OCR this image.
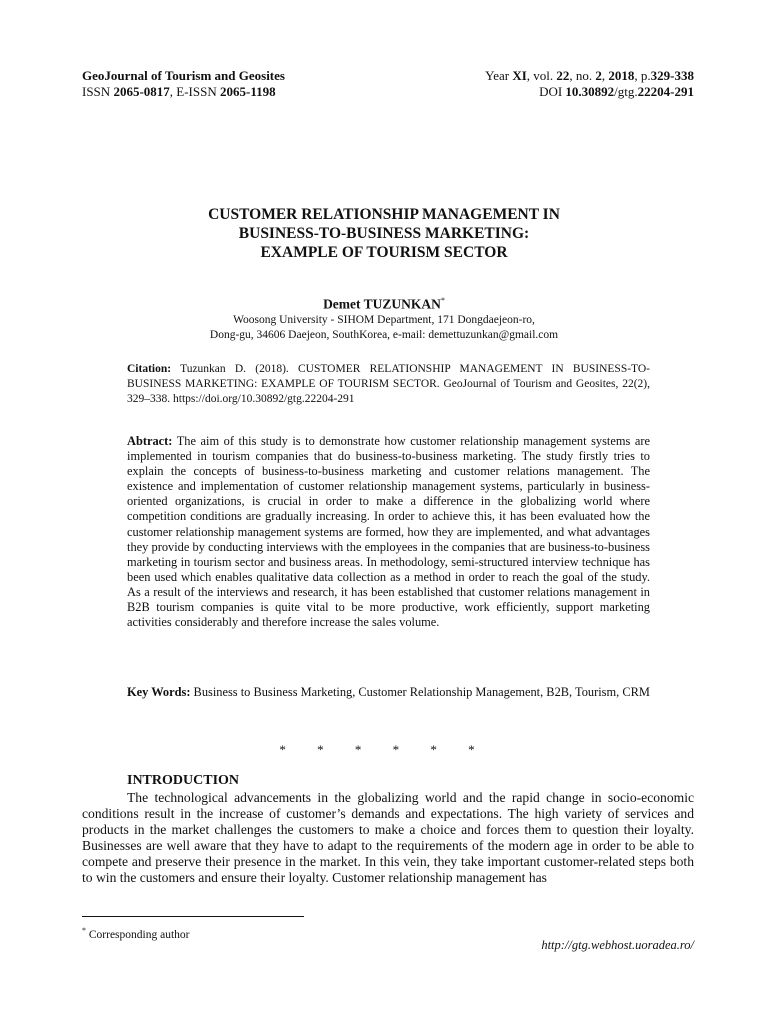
GeoJournal of Tourism and Geosites
ISSN 2065-0817, E-ISSN 2065-1198
Year XI, vol. 22, no. 2, 2018, p.329-338
DOI 10.30892/gtg.22204-291
CUSTOMER RELATIONSHIP MANAGEMENT IN
BUSINESS-TO-BUSINESS MARKETING:
EXAMPLE OF TOURISM SECTOR
Demet TUZUNKAN*
Woosong University - SIHOM Department, 171 Dongdaejeon-ro,
Dong-gu, 34606 Daejeon, SouthKorea, e-mail: demettuzunkan@gmail.com
Citation: Tuzunkan D. (2018). CUSTOMER RELATIONSHIP MANAGEMENT IN BUSINESS-TO-BUSINESS MARKETING: EXAMPLE OF TOURISM SECTOR. GeoJournal of Tourism and Geosites, 22(2), 329–338. https://doi.org/10.30892/gtg.22204-291
Abtract: The aim of this study is to demonstrate how customer relationship management systems are implemented in tourism companies that do business-to-business marketing. The study firstly tries to explain the concepts of business-to-business marketing and customer relations management. The existence and implementation of customer relationship management systems, particularly in business-oriented organizations, is crucial in order to make a difference in the globalizing world where competition conditions are gradually increasing. In order to achieve this, it has been evaluated how the customer relationship management systems are formed, how they are implemented, and what advantages they provide by conducting interviews with the employees in the companies that are business-to-business marketing in tourism sector and business areas. In methodology, semi-structured interview technique has been used which enables qualitative data collection as a method in order to reach the goal of the study. As a result of the interviews and research, it has been established that customer relations management in B2B tourism companies is quite vital to be more productive, work efficiently, support marketing activities considerably and therefore increase the sales volume.
Key Words: Business to Business Marketing, Customer Relationship Management, B2B, Tourism, CRM
* * * * * *
INTRODUCTION
The technological advancements in the globalizing world and the rapid change in socio-economic conditions result in the increase of customer’s demands and expectations. The high variety of services and products in the market challenges the customers to make a choice and forces them to question their loyalty. Businesses are well aware that they have to adapt to the requirements of the modern age in order to be able to compete and preserve their presence in the market. In this vein, they take important customer-related steps both to win the customers and ensure their loyalty. Customer relationship management has
* Corresponding author
http://gtg.webhost.uoradea.ro/
